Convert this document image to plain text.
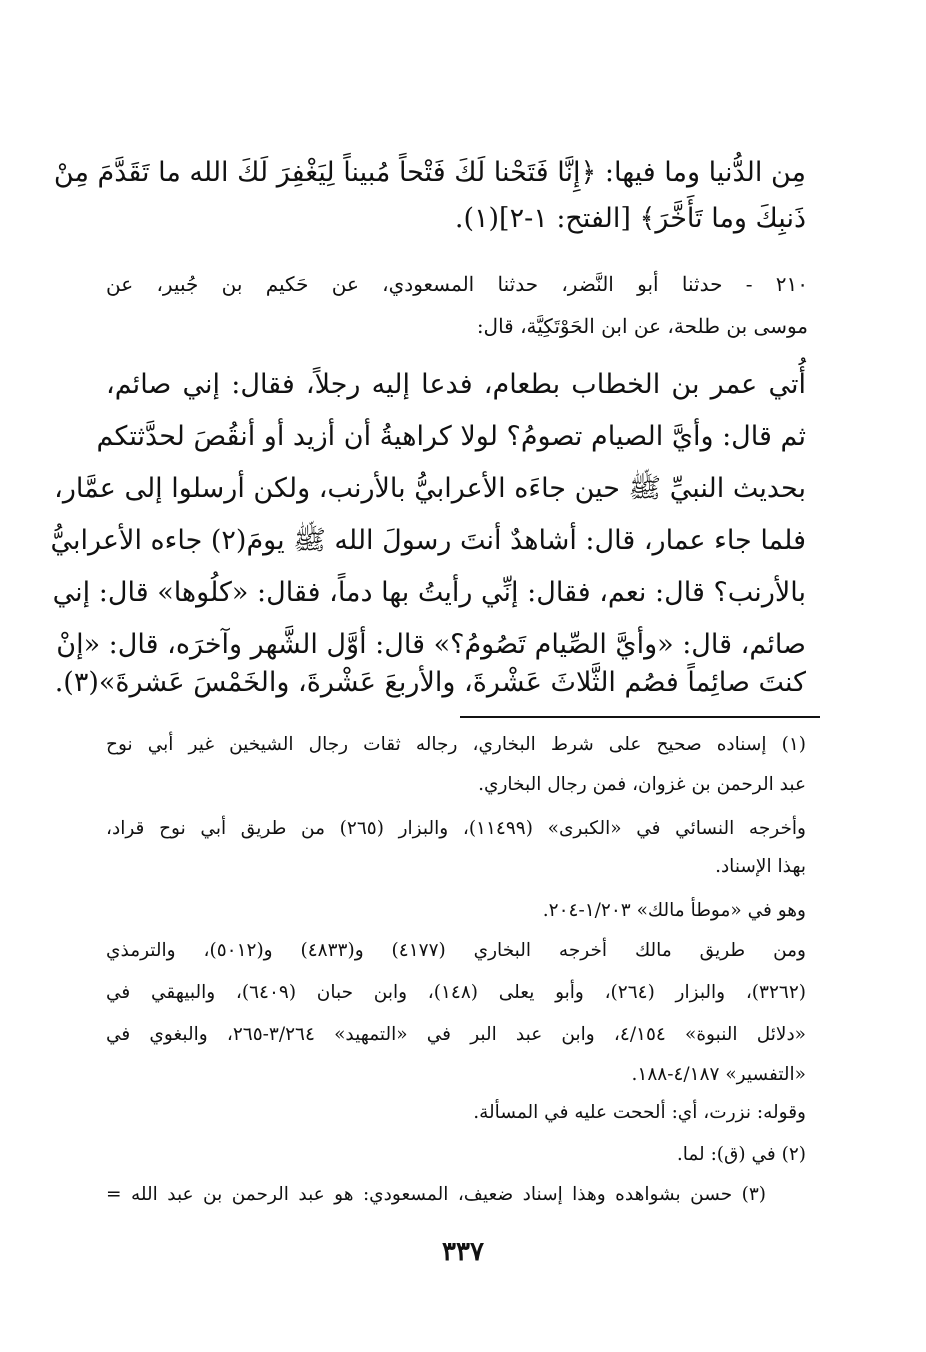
مِن الدُّنيا وما فيها: ﴿إِنَّا فَتَحْنا لَكَ فَتْحاً مُبيناً لِيَغْفِرَ لَكَ الله ما تَقَدَّمَ مِنْ
ذَنبِكَ وما تَأَخَّرَ﴾ [الفتح: ١-٢](١).
٢١٠ - حدثنا أبو النَّضر، حدثنا المسعودي، عن حَكيم بن جُبير، عن
موسى بن طلحة، عن ابن الحَوْتَكِيَّة، قال:
أُتي عمر بن الخطاب بطعام، فدعا إليه رجلاً، فقال: إني صائم،
ثم قال: وأيَّ الصيام تصومُ؟ لولا كراهيةُ أن أزيد أو أنقُصَ لحدَّثتكم
بحديث النبيِّ ﷺ حين جاءَه الأعرابيُّ بالأرنب، ولكن أرسلوا إلى عمَّار،
فلما جاء عمار، قال: أشاهدٌ أنتَ رسولَ الله ﷺ يومَ(٢) جاءه الأعرابيُّ
بالأرنب؟ قال: نعم، فقال: إنِّي رأيتُ بها دماً، فقال: «كلُوها» قال: إني
صائم، قال: «وأيَّ الصِّيام تَصُومُ؟» قال: أوَّل الشَّهر وآخرَه، قال: «إنْ
كنتَ صائِماً فصُم الثَّلاثَ عَشْرةَ، والأربعَ عَشْرةَ، والخَمْسَ عَشرةَ»(٣).
(١) إسناده صحيح على شرط البخاري، رجاله ثقات رجال الشيخين غير أبي نوح
عبد الرحمن بن غزوان، فمن رجال البخاري.
وأخرجه النسائي في «الكبرى» (١١٤٩٩)، والبزار (٢٦٥) من طريق أبي نوح قراد،
بهذا الإسناد.
وهو في «موطأ مالك» ١/٢٠٣-٢٠٤.
ومن طريق مالك أخرجه البخاري (٤١٧٧) و(٤٨٣٣) و(٥٠١٢)، والترمذي
(٣٢٦٢)، والبزار (٢٦٤)، وأبو يعلى (١٤٨)، وابن حبان (٦٤٠٩)، والبيهقي في
«دلائل النبوة» ٤/١٥٤، وابن عبد البر في «التمهيد» ٣/٢٦٤-٢٦٥، والبغوي في
«التفسير» ٤/١٨٧-١٨٨.
وقوله: نزرت، أي: ألححت عليه في المسألة.
(٢) في (ق): لما.
(٣) حسن بشواهده وهذا إسناد ضعيف، المسعودي: هو عبد الرحمن بن عبد الله =
٣٣٧
